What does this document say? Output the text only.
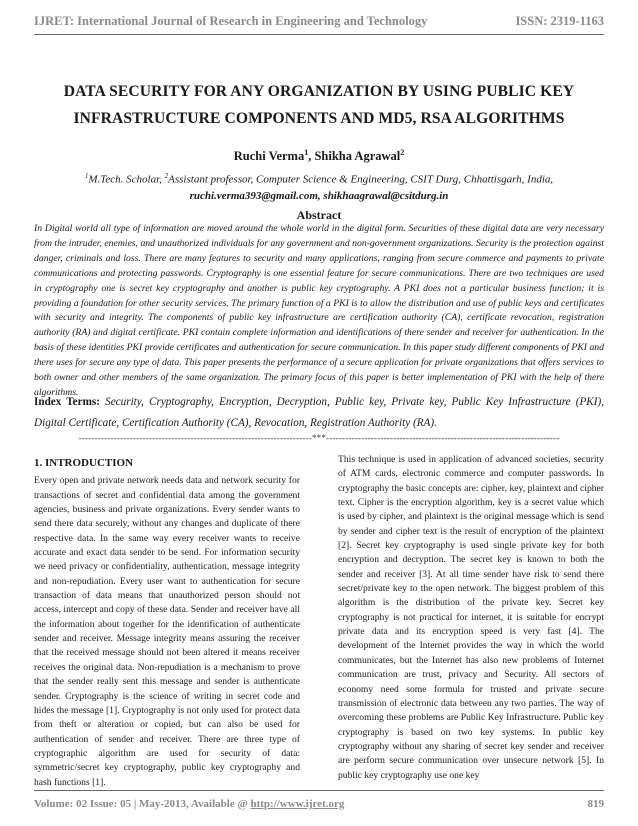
IJRET: International Journal of Research in Engineering and Technology	ISSN: 2319-1163
DATA SECURITY FOR ANY ORGANIZATION BY USING PUBLIC KEY
INFRASTRUCTURE COMPONENTS AND MD5, RSA ALGORITHMS
Ruchi Verma$^1$, Shikha Agrawal$^2$
$^1$M.Tech. Scholar, $^2$Assistant professor, Computer Science & Engineering, CSIT Durg, Chhattisgarh, India,
ruchi.verma393@gmail.com, shikhaagrawal@csitdurg.in
Abstract
In Digital world all type of information are moved around the whole world in the digital form. Securities of these digital data are very necessary from the intruder, enemies, and unauthorized individuals for any government and non-government organizations. Security is the protection against danger, criminals and loss. There are many features to security and many applications, ranging from secure commerce and payments to private communications and protecting passwords. Cryptography is one essential feature for secure communications. There are two techniques are used in cryptography one is secret key cryptography and another is public key cryptography. A PKI does not a particular business function; it is providing a foundation for other security services. The primary function of a PKI is to allow the distribution and use of public keys and certificates with security and integrity. The components of public key infrastructure are certification authority (CA), certificate revocation, registration authority (RA) and digital certificate. PKI contain complete information and identifications of there sender and receiver for authentication. In the basis of these identities PKI provide certificates and authentication for secure communication. In this paper study different components of PKI and there uses for secure any type of data. This paper presents the performance of a secure application for private organizations that offers services to both owner and other members of the same organization. The primary focus of this paper is better implementation of PKI with the help of there algorithms.
Index Terms: Security, Cryptography, Encryption, Decryption, Public key, Private key, Public Key Infrastructure (PKI), Digital Certificate, Certification Authority (CA), Revocation, Registration Authority (RA).
-------------------------------------------------------------------------***-------------------------------------------------------------------------
1. INTRODUCTION

Every open and private network needs data and network security for transactions of secret and confidential data among the government agencies, business and private organizations. Every sender wants to send there data securely, without any changes and duplicate of there respective data. In the same way every receiver wants to receive accurate and exact data sender to be send. For information security we need privacy or confidentiality, authentication, message integrity and non-repudiation. Every user want to authentication for secure transaction of data means that unauthorized person should not access, intercept and copy of these data. Sender and receiver have all the information about together for the identification of authenticate sender and receiver. Message integrity means assuring the receiver that the received message should not been altered it means receiver receives the original data. Non-repudiation is a mechanism to prove that the sender really sent this message and sender is authenticate sender. Cryptography is the science of writing in secret code and hides the message [1]. Cryptography is not only used for protect data from theft or alteration or copied, but can also be used for authentication of sender and receiver. There are three type of cryptographic algorithm are used for security of data: symmetric/secret key cryptography, public key cryptography and hash functions [1].

This technique is used in application of advanced societies, security of ATM cards, electronic commerce and computer passwords. In cryptography the basic concepts are: cipher, key, plaintext and cipher text. Cipher is the encryption algorithm, key is a secret value which is used by cipher, and plaintext is the original message which is send by sender and cipher text is the result of encryption of the plaintext [2]. Secret key cryptography is used single private key for both encryption and decryption. The secret key is known to both the sender and receiver [3]. At all time sender have risk to send there secret/private key to the open network. The biggest problem of this algorithm is the distribution of the private key. Secret key cryptography is not practical for internet, it is suitable for encrypt private data and its encryption speed is very fast [4]. The development of the Internet provides the way in which the world communicates, but the Internet has also new problems of Internet communication are trust, privacy and Security. All sectors of economy need some formula for trusted and private secure transmission of electronic data between any two parties. The way of overcoming these problems are Public Key Infrastructure. Public key cryptography is based on two key systems. In public key cryptography without any sharing of secret key sender and receiver are perform secure communication over unsecure network [5]. In public key cryptography use one key

Volume: 02 Issue: 05 | May-2013, Available @ http://www.ijret.org	819
